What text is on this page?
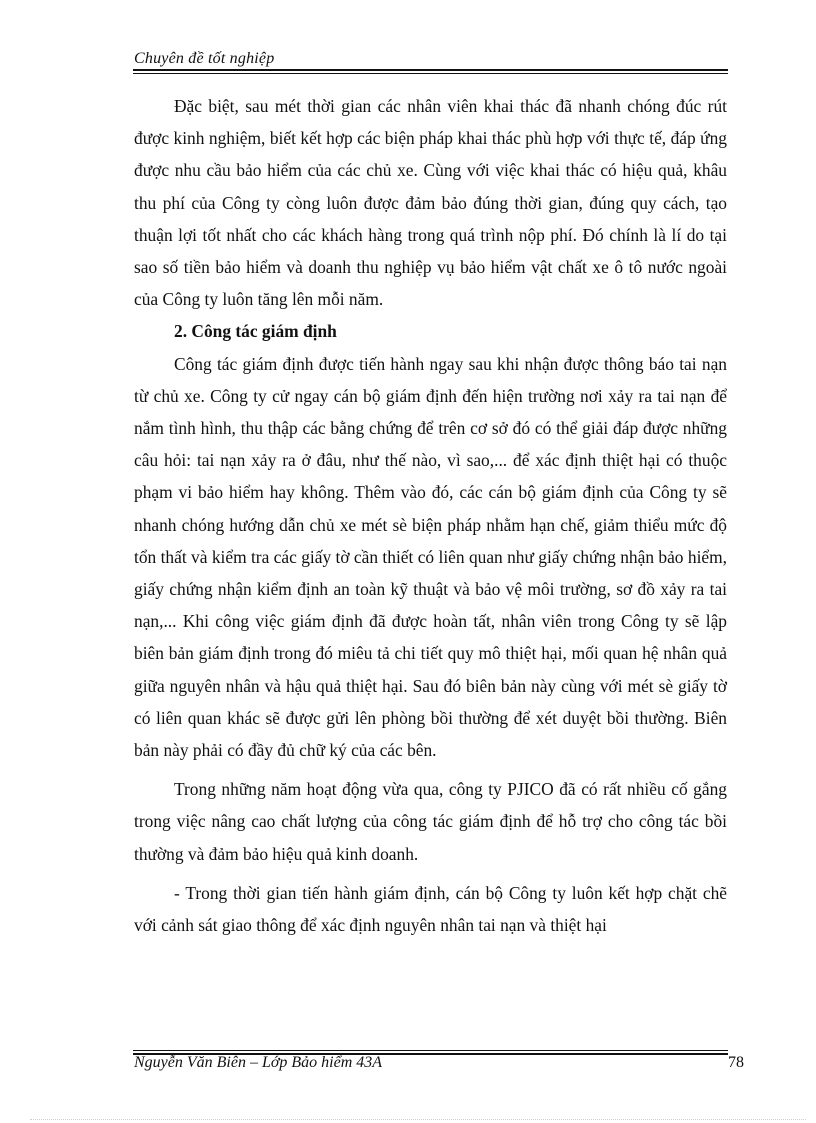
Chuyên đề tốt nghiệp

Đặc biệt, sau mét thời gian các nhân viên khai thác đã nhanh chóng đúc rút được kinh nghiệm, biết kết hợp các biện pháp khai thác phù hợp với thực tế, đáp ứng được nhu cầu bảo hiểm của các chủ xe. Cùng với việc khai thác có hiệu quả, khâu thu phí của Công ty còng luôn được đảm bảo đúng thời gian, đúng quy cách, tạo thuận lợi tốt nhất cho các khách hàng trong quá trình nộp phí. Đó chính là lí do tại sao số tiền bảo hiểm và doanh thu nghiệp vụ bảo hiểm vật chất xe ô tô nước ngoài của Công ty luôn tăng lên mỗi năm.

2. Công tác giám định

Công tác giám định được tiến hành ngay sau khi nhận được thông báo tai nạn từ chủ xe. Công ty cử ngay cán bộ giám định đến hiện trường nơi xảy ra tai nạn để nắm tình hình, thu thập các bằng chứng để trên cơ sở đó có thể giải đáp được những câu hỏi: tai nạn xảy ra ở đâu, như thế nào, vì sao,... để xác định thiệt hại có thuộc phạm vi bảo hiểm hay không. Thêm vào đó, các cán bộ giám định của Công ty sẽ nhanh chóng hướng dẫn chủ xe mét sè biện pháp nhằm hạn chế, giảm thiểu mức độ tổn thất và kiểm tra các giấy tờ cần thiết có liên quan như giấy chứng nhận bảo hiểm, giấy chứng nhận kiểm định an toàn kỹ thuật và bảo vệ môi trường, sơ đồ xảy ra tai nạn,... Khi công việc giám định đã được hoàn tất, nhân viên trong Công ty sẽ lập biên bản giám định trong đó miêu tả chi tiết quy mô thiệt hại, mối quan hệ nhân quả giữa nguyên nhân và hậu quả thiệt hại. Sau đó biên bản này cùng với mét sè giấy tờ có liên quan khác sẽ được gửi lên phòng bồi thường để xét duyệt bồi thường. Biên bản này phải có đầy đủ chữ ký của các bên.

Trong những năm hoạt động vừa qua, công ty PJICO đã có rất nhiều cố gắng trong việc nâng cao chất lượng của công tác giám định để hỗ trợ cho công tác bồi thường và đảm bảo hiệu quả kinh doanh.

- Trong thời gian tiến hành giám định, cán bộ Công ty luôn kết hợp chặt chẽ với cảnh sát giao thông để xác định nguyên nhân tai nạn và thiệt hại

Nguyễn Văn Biên – Lớp Bảo hiểm 43A	78
